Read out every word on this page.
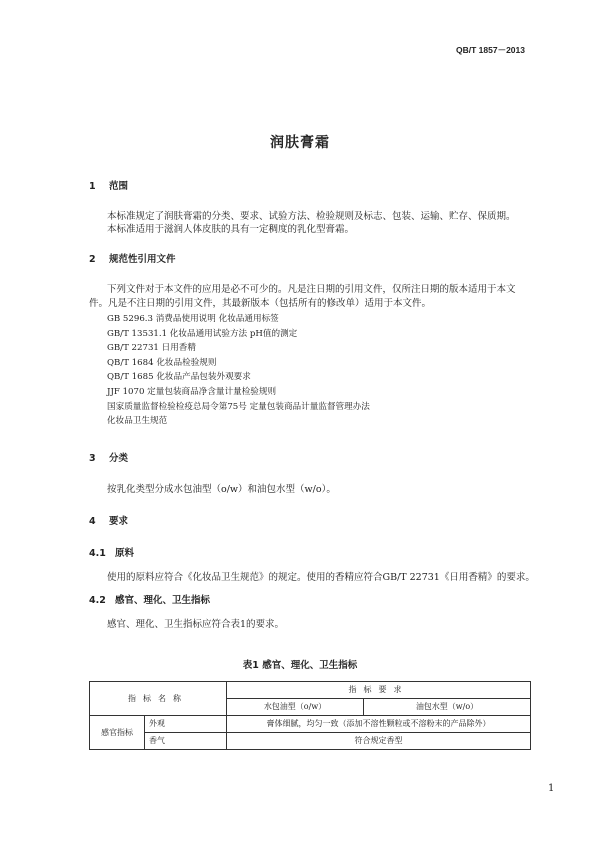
QB/T 1857－2013
润肤膏霜
1 范围
本标准规定了润肤膏霜的分类、要求、试验方法、检验规则及标志、包装、运输、贮存、保质期。
本标准适用于滋润人体皮肤的具有一定稠度的乳化型膏霜。
2 规范性引用文件
下列文件对于本文件的应用是必不可少的。凡是注日期的引用文件，仅所注日期的版本适用于本文
件。凡是不注日期的引用文件，其最新版本（包括所有的修改单）适用于本文件。
GB 5296.3 消费品使用说明 化妆品通用标签
GB/T 13531.1 化妆品通用试验方法 pH值的测定
GB/T 22731 日用香精
QB/T 1684 化妆品检验规则
QB/T 1685 化妆品产品包装外观要求
JJF 1070 定量包装商品净含量计量检验规则
国家质量监督检验检疫总局令第75号 定量包装商品计量监督管理办法
化妆品卫生规范
3 分类
按乳化类型分成水包油型（o/w）和油包水型（w/o）。
4 要求
4.1 原料
使用的原料应符合《化妆品卫生规范》的规定。使用的香精应符合GB/T 22731《日用香精》的要求。
4.2 感官、理化、卫生指标
感官、理化、卫生指标应符合表1的要求。
表1 感官、理化、卫生指标
指标名称		指标要求	
		水包油型（o/w）	油包水型（w/o）
感官指标	外观	膏体细腻，均匀一致（添加不溶性颗粒或不溶粉末的产品除外）	
	香气	符合规定香型	
1
